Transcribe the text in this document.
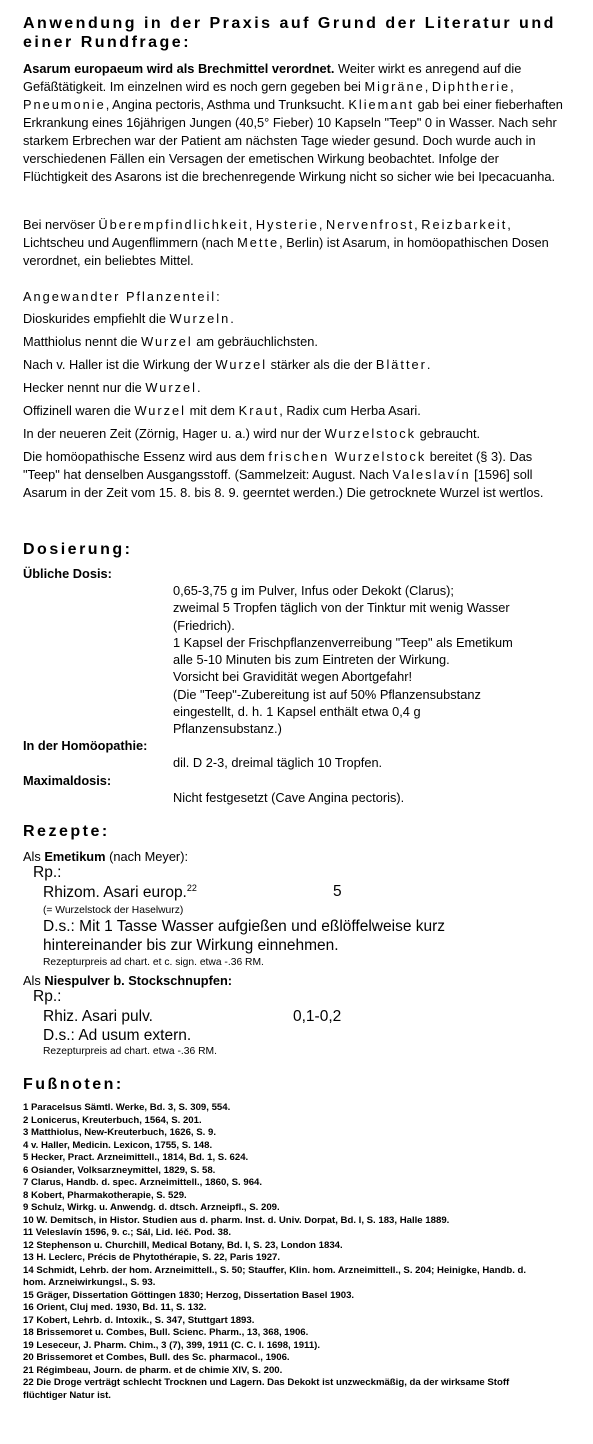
Anwendung in der Praxis auf Grund der Literatur und einer Rundfrage:
Asarum europaeum wird als Brechmittel verordnet. Weiter wirkt es anregend auf die Gefäßtätigkeit. Im einzelnen wird es noch gern gegeben bei Migräne, Diphtherie, Pneumonie, Angina pectoris, Asthma und Trunksucht. Kliemant gab bei einer fieberhaften Erkrankung eines 16jährigen Jungen (40,5° Fieber) 10 Kapseln "Teep" 0 in Wasser. Nach sehr starkem Erbrechen war der Patient am nächsten Tage wieder gesund. Doch wurde auch in verschiedenen Fällen ein Versagen der emetischen Wirkung beobachtet. Infolge der Flüchtigkeit des Asarons ist die brechenregende Wirkung nicht so sicher wie bei Ipecacuanha.
Bei nervöser Überempfindlichkeit, Hysterie, Nervenfrost, Reizbarkeit, Lichtscheu und Augenflimmern (nach Mette, Berlin) ist Asarum, in homöopathischen Dosen verordnet, ein beliebtes Mittel.
Angewandter Pflanzenteil:
Dioskurides empfiehlt die Wurzeln.
Matthiolus nennt die Wurzel am gebräuchlichsten.
Nach v. Haller ist die Wirkung der Wurzel stärker als die der Blätter.
Hecker nennt nur die Wurzel.
Offizinell waren die Wurzel mit dem Kraut, Radix cum Herba Asari.
In der neueren Zeit (Zörnig, Hager u. a.) wird nur der Wurzelstock gebraucht.
Die homöopathische Essenz wird aus dem frischen Wurzelstock bereitet (§ 3). Das "Teep" hat denselben Ausgangsstoff. (Sammelzeit: August. Nach Valeslavín [1596] soll Asarum in der Zeit vom 15. 8. bis 8. 9. geerntet werden.) Die getrocknete Wurzel ist wertlos.
Dosierung:
Übliche Dosis:
0,65-3,75 g im Pulver, Infus oder Dekokt (Clarus);
zweimal 5 Tropfen täglich von der Tinktur mit wenig Wasser
(Friedrich).
1 Kapsel der Frischpflanzenverreibung "Teep" als Emetikum
alle 5-10 Minuten bis zum Eintreten der Wirkung.
Vorsicht bei Gravidität wegen Abortgefahr!
(Die "Teep"-Zubereitung ist auf 50% Pflanzensubstanz
eingestellt, d. h. 1 Kapsel enthält etwa 0,4 g
Pflanzensubstanz.)
In der Homöopathie:
dil. D 2-3, dreimal täglich 10 Tropfen.
Maximaldosis:
Nicht festgesetzt (Cave Angina pectoris).
Rezepte:
Als Emetikum (nach Meyer):
Rp.:
Rhizom. Asari europ.$^{22}$	5
(= Wurzelstock der Haselwurz)
D.s.: Mit 1 Tasse Wasser aufgießen und eßlöffelweise kurz
hintereinander bis zur Wirkung einnehmen.
Rezepturpreis ad chart. et c. sign. etwa -.36 RM.
Als Niespulver b. Stockschnupfen:
Rp.:
Rhiz. Asari pulv.	0,1-0,2
D.s.: Ad usum extern.
Rezepturpreis ad chart. etwa -.36 RM.
Fußnoten:
1 Paracelsus Sämtl. Werke, Bd. 3, S. 309, 554.
2 Lonicerus, Kreuterbuch, 1564, S. 201.
3 Matthiolus, New-Kreuterbuch, 1626, S. 9.
4 v. Haller, Medicin. Lexicon, 1755, S. 148.
5 Hecker, Pract. Arzneimittell., 1814, Bd. 1, S. 624.
6 Osiander, Volksarzneymittel, 1829, S. 58.
7 Clarus, Handb. d. spec. Arzneimittell., 1860, S. 964.
8 Kobert, Pharmakotherapie, S. 529.
9 Schulz, Wirkg. u. Anwendg. d. dtsch. Arzneipfl., S. 209.
10 W. Demitsch, in Histor. Studien aus d. pharm. Inst. d. Univ. Dorpat, Bd. I, S. 183, Halle 1889.
11 Veleslavín 1596, 9. c.; Sál, Lid. léč. Pod. 38.
12 Stephenson u. Churchill, Medical Botany, Bd. I, S. 23, London 1834.
13 H. Leclerc, Précis de Phytothérapie, S. 22, Paris 1927.
14 Schmidt, Lehrb. der hom. Arzneimittell., S. 50; Stauffer, Klin. hom. Arzneimittell., S. 204; Heinigke, Handb. d.
hom. Arzneiwirkungsl., S. 93.
15 Gräger, Dissertation Göttingen 1830; Herzog, Dissertation Basel 1903.
16 Orient, Cluj med. 1930, Bd. 11, S. 132.
17 Kobert, Lehrb. d. Intoxik., S. 347, Stuttgart 1893.
18 Brissemoret u. Combes, Bull. Scienc. Pharm., 13, 368, 1906.
19 Leseceur, J. Pharm. Chim., 3 (7), 399, 1911 (C. C. I. 1698, 1911).
20 Brissemoret et Combes, Bull. des Sc. pharmacol., 1906.
21 Régimbeau, Journ. de pharm. et de chimie XIV, S. 200.
22 Die Droge verträgt schlecht Trocknen und Lagern. Das Dekokt ist unzweckmäßig, da der wirksame Stoff
flüchtiger Natur ist.
